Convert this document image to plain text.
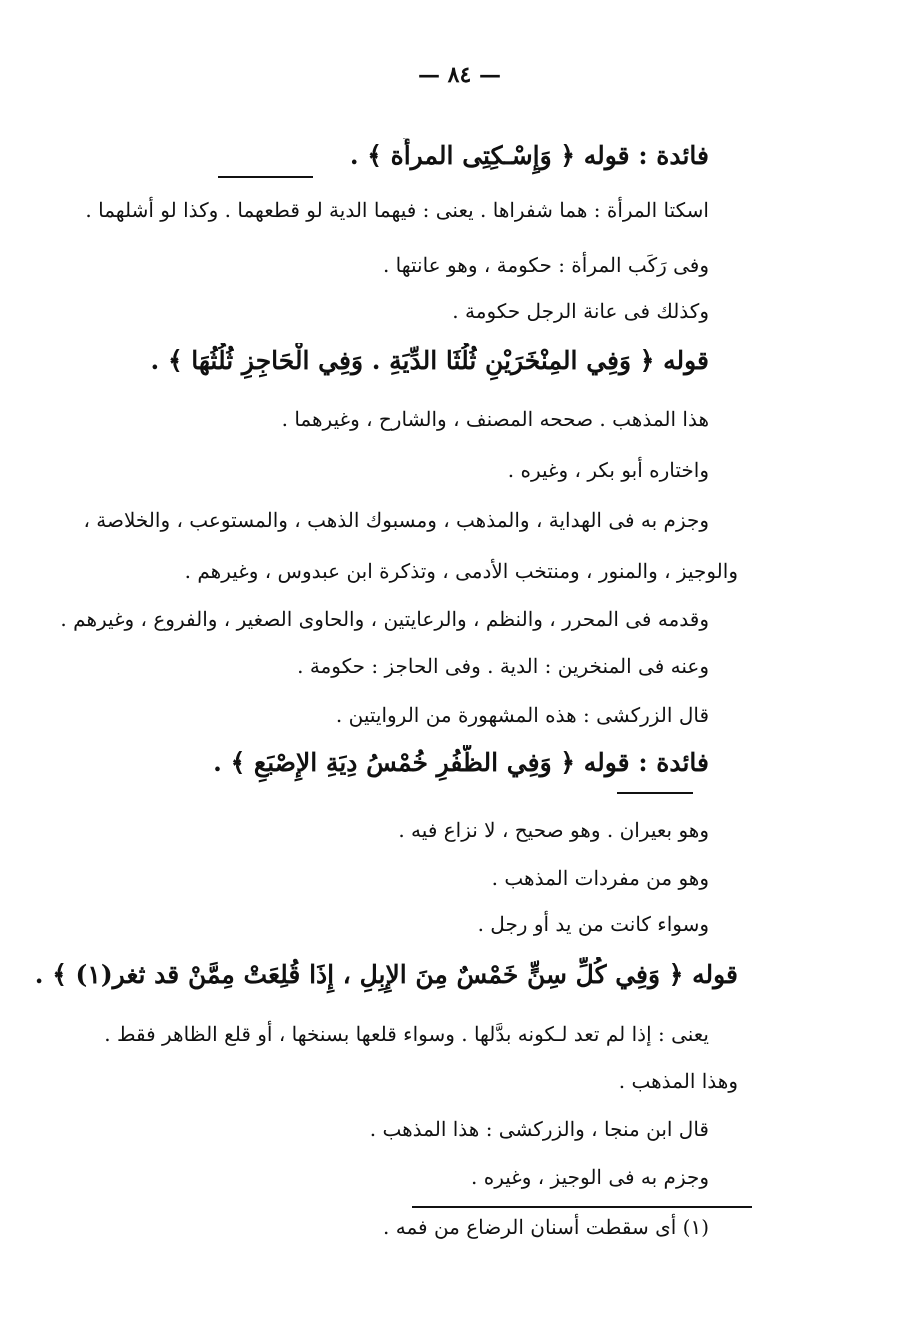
— ٨٤ —
فائدة : قوله ﴿ وَإِسْـكِتِى المرأَة ﴾ .
اسكتا المرأة : هما شفراها . يعنى : فيهما الدية لو قطعهما . وكذا لو أشلهما .
وفى رَكَب المرأة : حكومة ، وهو عانتها .
وكذلك فى عانة الرجل حكومة .
قوله ﴿ وَفِي المِنْخَرَيْنِ ثُلُثَا الدِّيَةِ . وَفِي الْحَاجِزِ ثُلُثُهَا ﴾ .
هذا المذهب . صححه المصنف ، والشارح ، وغيرهما .
واختاره أبو بكر ، وغيره .
وجزم به فى الهداية ، والمذهب ، ومسبوك الذهب ، والمستوعب ، والخلاصة ،
والوجيز ، والمنور ، ومنتخب الأدمى ، وتذكرة ابن عبدوس ، وغيرهم .
وقدمه فى المحرر ، والنظم ، والرعايتين ، والحاوى الصغير ، والفروع ، وغيرهم .
وعنه فى المنخرين : الدية . وفى الحاجز : حكومة .
قال الزركشى : هذه المشهورة من الروايتين .
فائدة : قوله ﴿ وَفِي الظُّفُرِ خُمْسُ دِيَةِ الإِصْبَعِ ﴾ .
وهو بعيران . وهو صحيح ، لا نزاع فيه .
وهو من مفردات المذهب .
وسواء كانت من يد أو رجل .
قوله ﴿ وَفِي كُلِّ سِنٍّ خَمْسٌ مِنَ الإِبِلِ ، إِذَا قُلِعَتْ مِمَّنْ قد ثغر(١) ﴾ .
يعنى : إذا لم تعد لـكونه بدَّلها . وسواء قلعها بسنخها ، أو قلع الظاهر فقط .
وهذا المذهب .
قال ابن منجا ، والزركشى : هذا المذهب .
وجزم به فى الوجيز ، وغيره .
(١) أى سقطت أسنان الرضاع من فمه .
